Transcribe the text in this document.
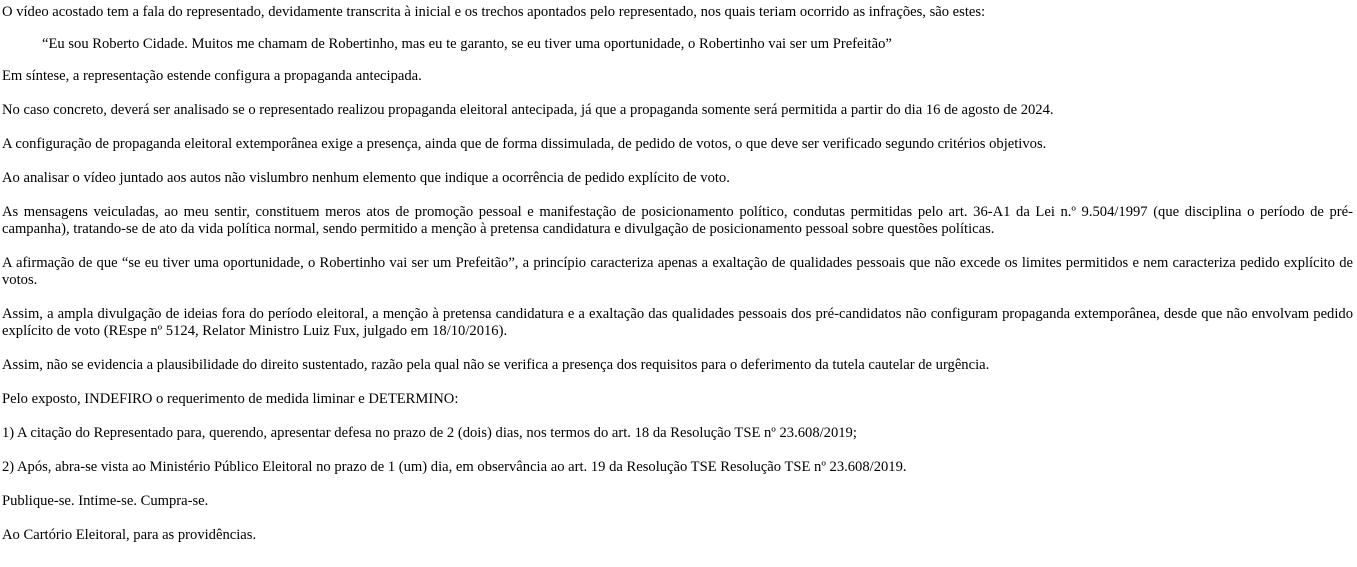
O vídeo acostado tem a fala do representado, devidamente transcrita à inicial e os trechos apontados pelo representado, nos quais teriam ocorrido as infrações, são estes:

“Eu sou Roberto Cidade. Muitos me chamam de Robertinho, mas eu te garanto, se eu tiver uma oportunidade, o Robertinho vai ser um Prefeitão”

Em síntese, a representação estende configura a propaganda antecipada.

No caso concreto, deverá ser analisado se o representado realizou propaganda eleitoral antecipada, já que a propaganda somente será permitida a partir do dia 16 de agosto de 2024.

A configuração de propaganda eleitoral extemporânea exige a presença, ainda que de forma dissimulada, de pedido de votos, o que deve ser verificado segundo critérios objetivos.

Ao analisar o vídeo juntado aos autos não vislumbro nenhum elemento que indique a ocorrência de pedido explícito de voto.

As mensagens veiculadas, ao meu sentir, constituem meros atos de promoção pessoal e manifestação de posicionamento político, condutas permitidas pelo art. 36-A1 da Lei n.º 9.504/1997 (que disciplina o período de pré-campanha), tratando-se de ato da vida política normal, sendo permitido a menção à pretensa candidatura e divulgação de posicionamento pessoal sobre questões políticas.

A afirmação de que “se eu tiver uma oportunidade, o Robertinho vai ser um Prefeitão”, a princípio caracteriza apenas a exaltação de qualidades pessoais que não excede os limites permitidos e nem caracteriza pedido explícito de votos.

Assim, a ampla divulgação de ideias fora do período eleitoral, a menção à pretensa candidatura e a exaltação das qualidades pessoais dos pré-candidatos não configuram propaganda extemporânea, desde que não envolvam pedido explícito de voto (REspe nº 5124, Relator Ministro Luiz Fux, julgado em 18/10/2016).

Assim, não se evidencia a plausibilidade do direito sustentado, razão pela qual não se verifica a presença dos requisitos para o deferimento da tutela cautelar de urgência.

Pelo exposto, INDEFIRO o requerimento de medida liminar e DETERMINO:

1) A citação do Representado para, querendo, apresentar defesa no prazo de 2 (dois) dias, nos termos do art. 18 da Resolução TSE nº 23.608/2019;

2) Após, abra-se vista ao Ministério Público Eleitoral no prazo de 1 (um) dia, em observância ao art. 19 da Resolução TSE Resolução TSE nº 23.608/2019.

Publique-se. Intime-se. Cumpra-se.

Ao Cartório Eleitoral, para as providências.
